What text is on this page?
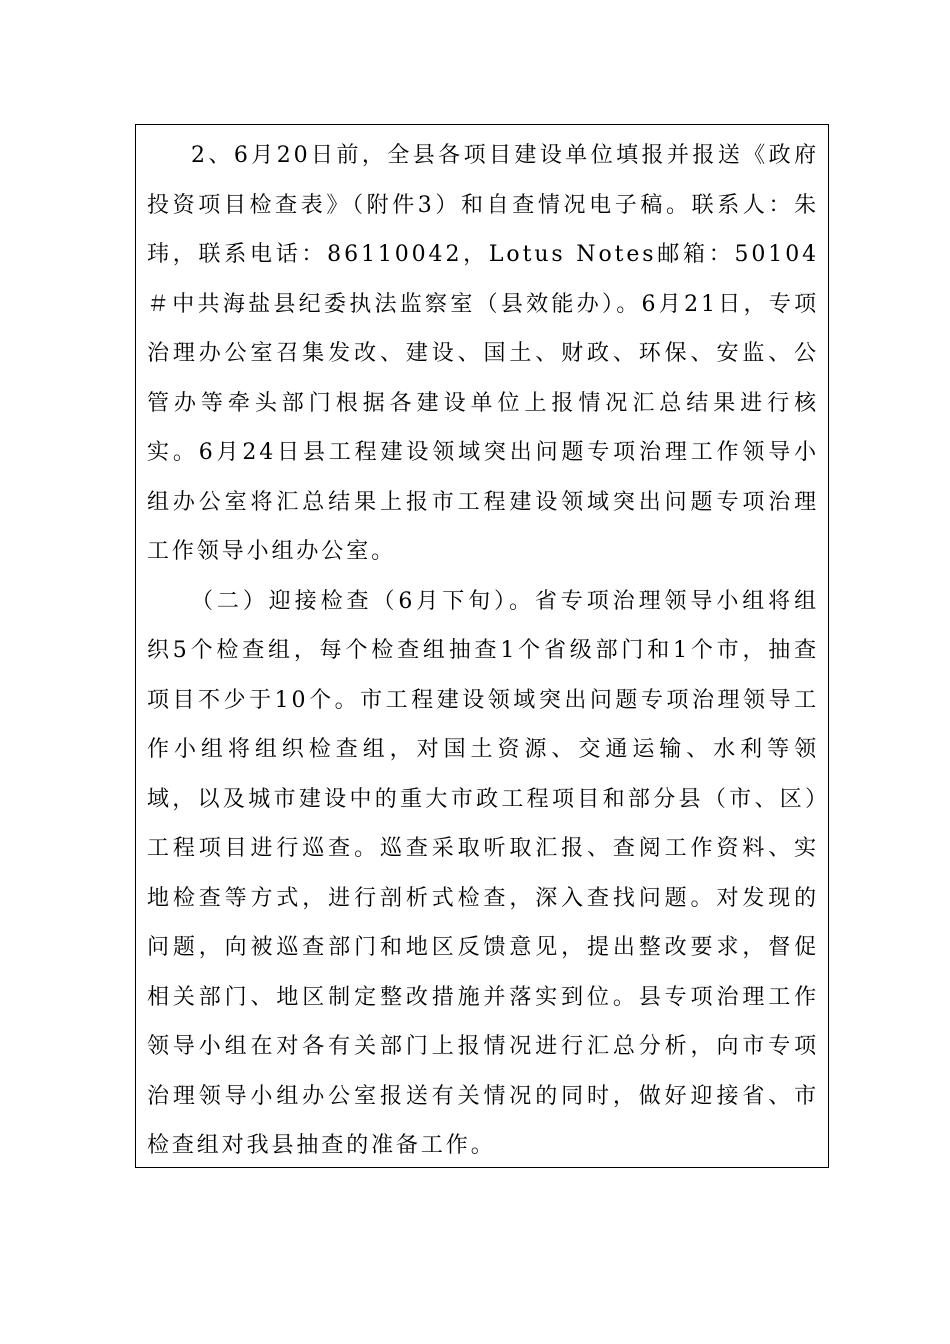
2、6月20日前，全县各项目建设单位填报并报送《政府投资项目检查表》（附件3）和自查情况电子稿。联系人：朱玮，联系电话：86110042，Lotus Notes邮箱：50104＃中共海盐县纪委执法监察室（县效能办）。6月21日，专项治理办公室召集发改、建设、国土、财政、环保、安监、公管办等牵头部门根据各建设单位上报情况汇总结果进行核实。6月24日县工程建设领域突出问题专项治理工作领导小组办公室将汇总结果上报市工程建设领域突出问题专项治理工作领导小组办公室。

（二）迎接检查（6月下旬）。省专项治理领导小组将组织5个检查组，每个检查组抽查1个省级部门和1个市，抽查项目不少于10个。市工程建设领域突出问题专项治理领导工作小组将组织检查组，对国土资源、交通运输、水利等领域，以及城市建设中的重大市政工程项目和部分县（市、区）工程项目进行巡查。巡查采取听取汇报、查阅工作资料、实地检查等方式，进行剖析式检查，深入查找问题。对发现的问题，向被巡查部门和地区反馈意见，提出整改要求，督促相关部门、地区制定整改措施并落实到位。县专项治理工作领导小组在对各有关部门上报情况进行汇总分析，向市专项治理领导小组办公室报送有关情况的同时，做好迎接省、市检查组对我县抽查的准备工作。
